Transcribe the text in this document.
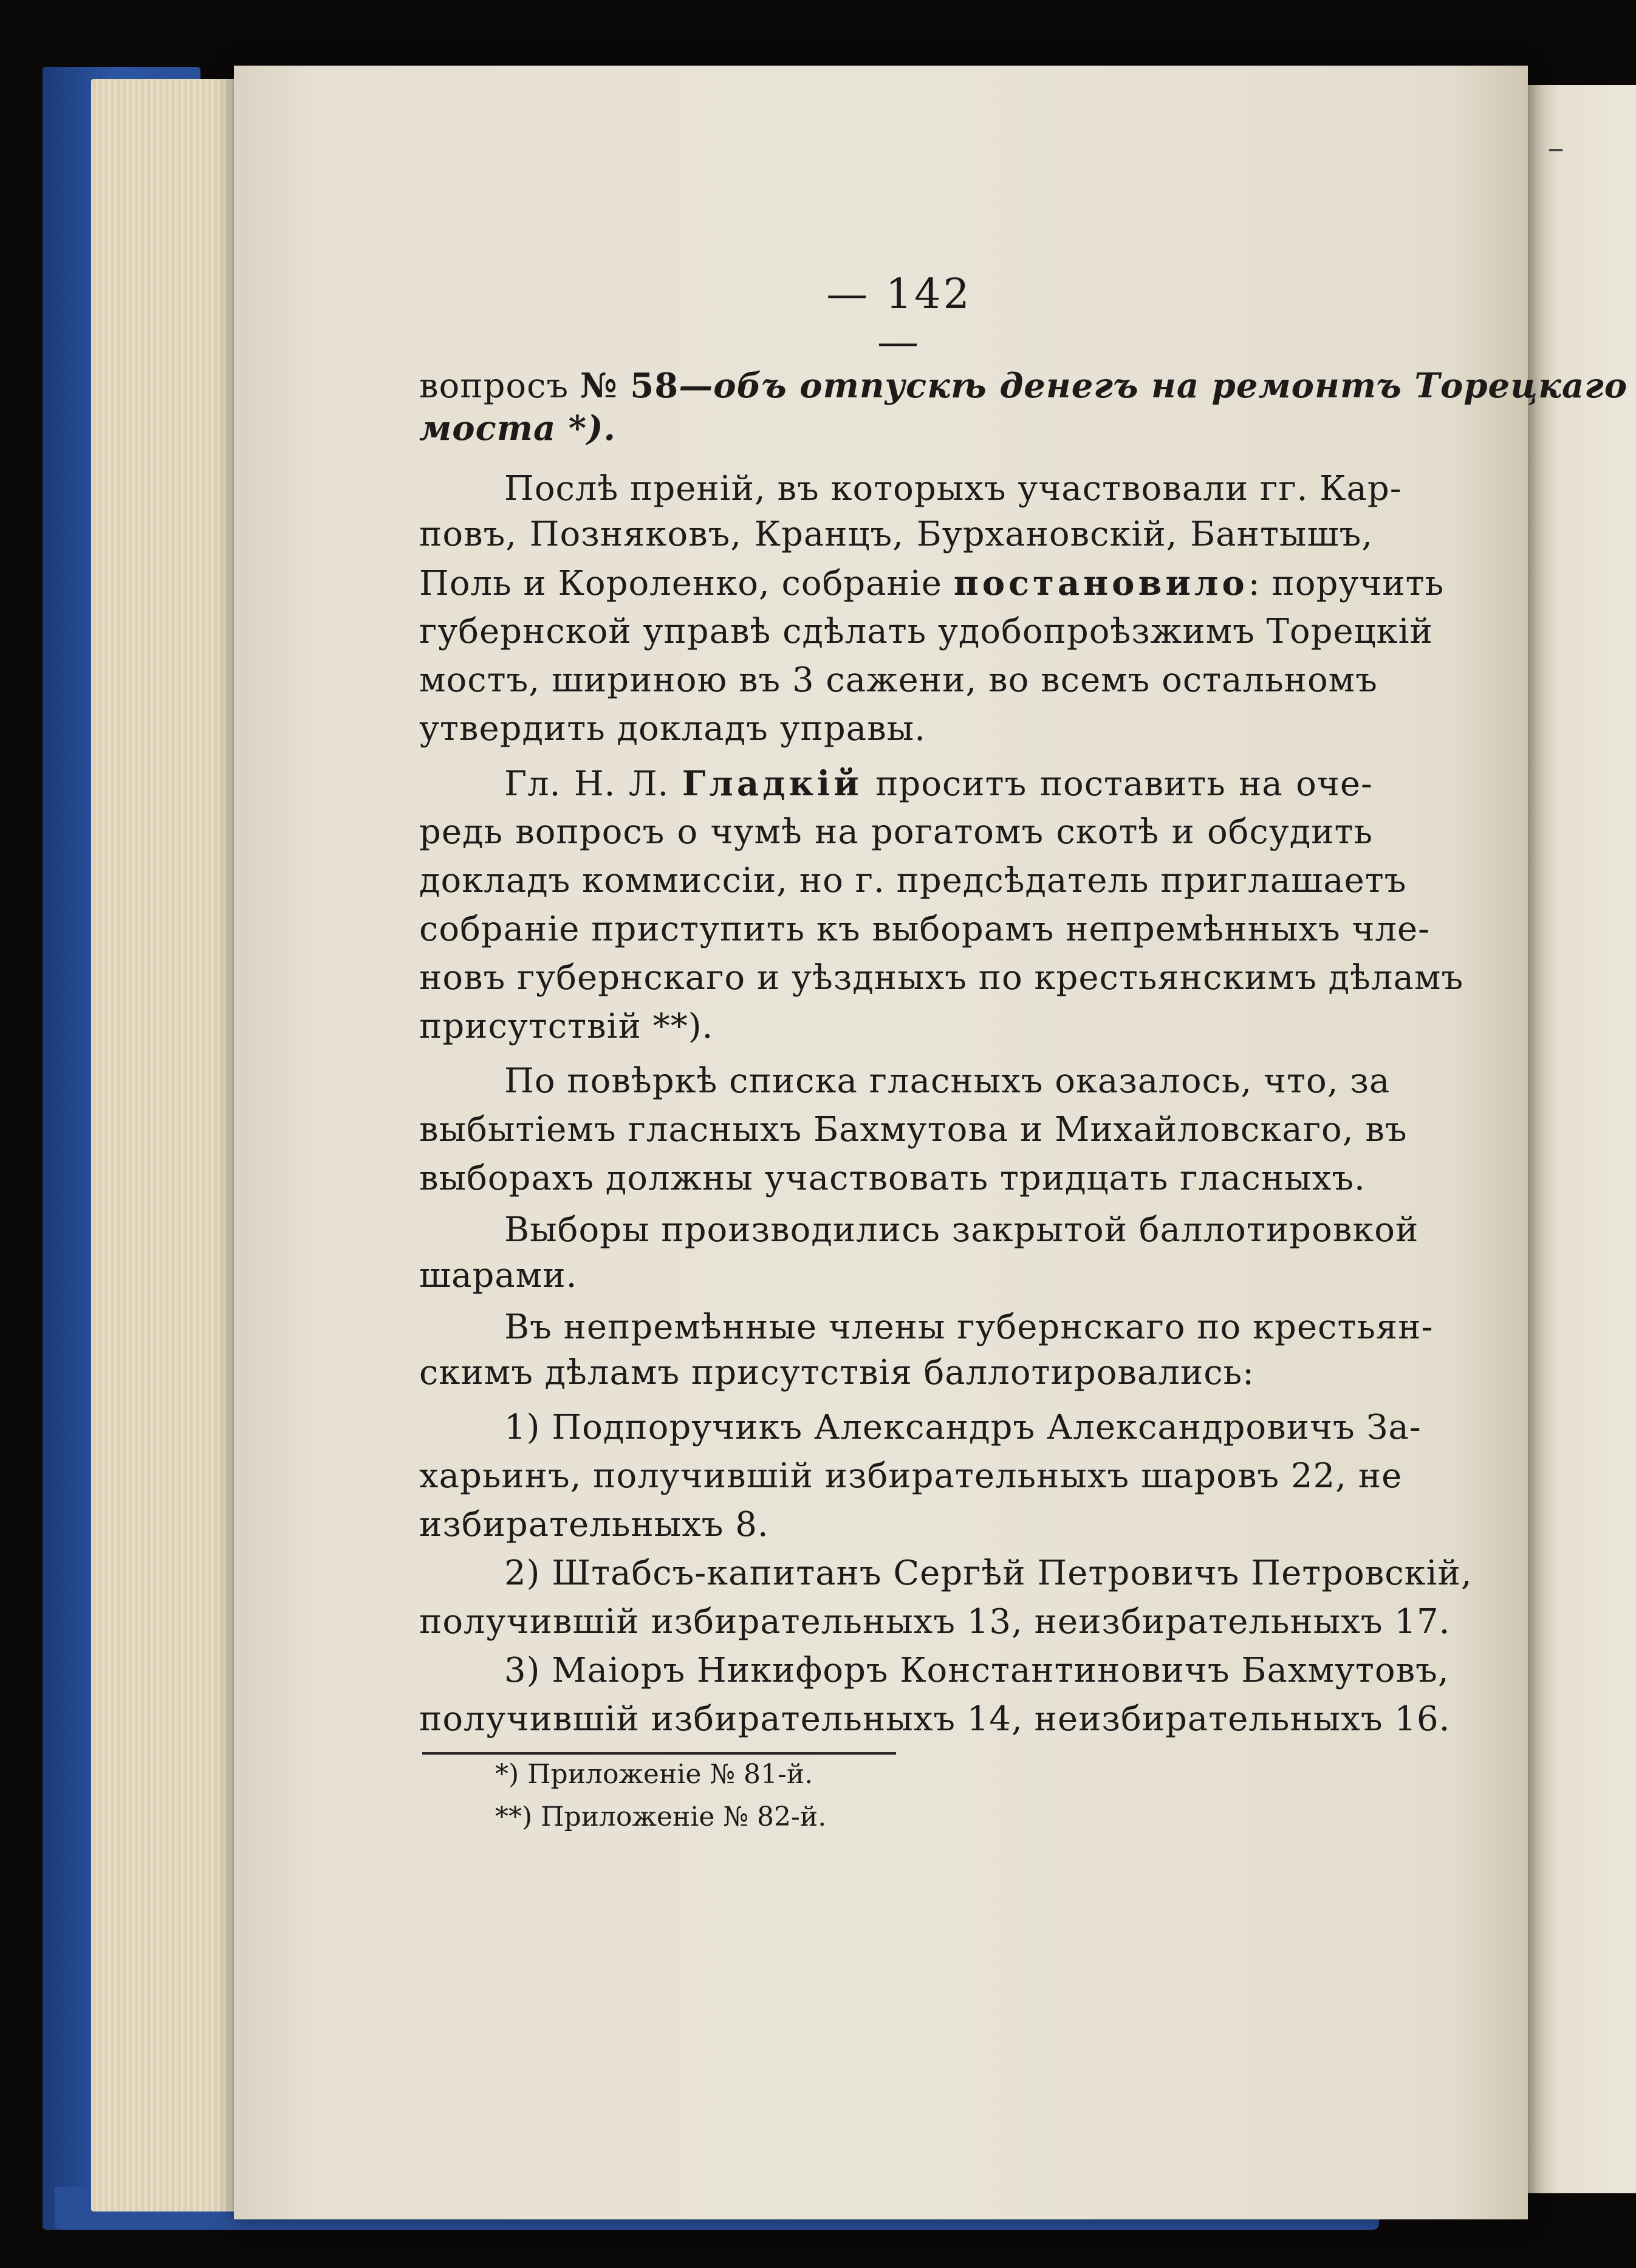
— 142 —
вопросъ № 58—объ отпускѣ денегъ на ремонтъ Торецкаго
моста *).
Послѣ преній, въ которыхъ участвовали гг. Кар-
повъ, Позняковъ, Кранцъ, Бурхановскій, Бантышъ,
Поль и Короленко, собраніе постановило: поручить
губернской управѣ сдѣлать удобопроѣзжимъ Торецкій
мостъ, шириною въ 3 сажени, во всемъ остальномъ
утвердить докладъ управы.
Гл. Н. Л. Гладкій проситъ поставить на оче-
редь вопросъ о чумѣ на рогатомъ скотѣ и обсудить
докладъ коммиссіи, но г. предсѣдатель приглашаетъ
собраніе приступить къ выборамъ непремѣнныхъ чле-
новъ губернскаго и уѣздныхъ по крестьянскимъ дѣламъ
присутствій **).
По повѣркѣ списка гласныхъ оказалось, что, за
выбытіемъ гласныхъ Бахмутова и Михайловскаго, въ
выборахъ должны участвовать тридцать гласныхъ.
Выборы производились закрытой баллотировкой
шарами.
Въ непремѣнные члены губернскаго по крестьян-
скимъ дѣламъ присутствія баллотировались:
1) Подпоручикъ Александръ Александровичъ За-
харьинъ, получившій избирательныхъ шаровъ 22, не
избирательныхъ 8.
2) Штабсъ-капитанъ Сергѣй Петровичъ Петровскій,
получившій избирательныхъ 13, неизбирательныхъ 17.
3) Маіоръ Никифоръ Константиновичъ Бахмутовъ,
получившій избирательныхъ 14, неизбирательныхъ 16.
*) Приложеніе № 81-й.
**) Приложеніе № 82-й.
